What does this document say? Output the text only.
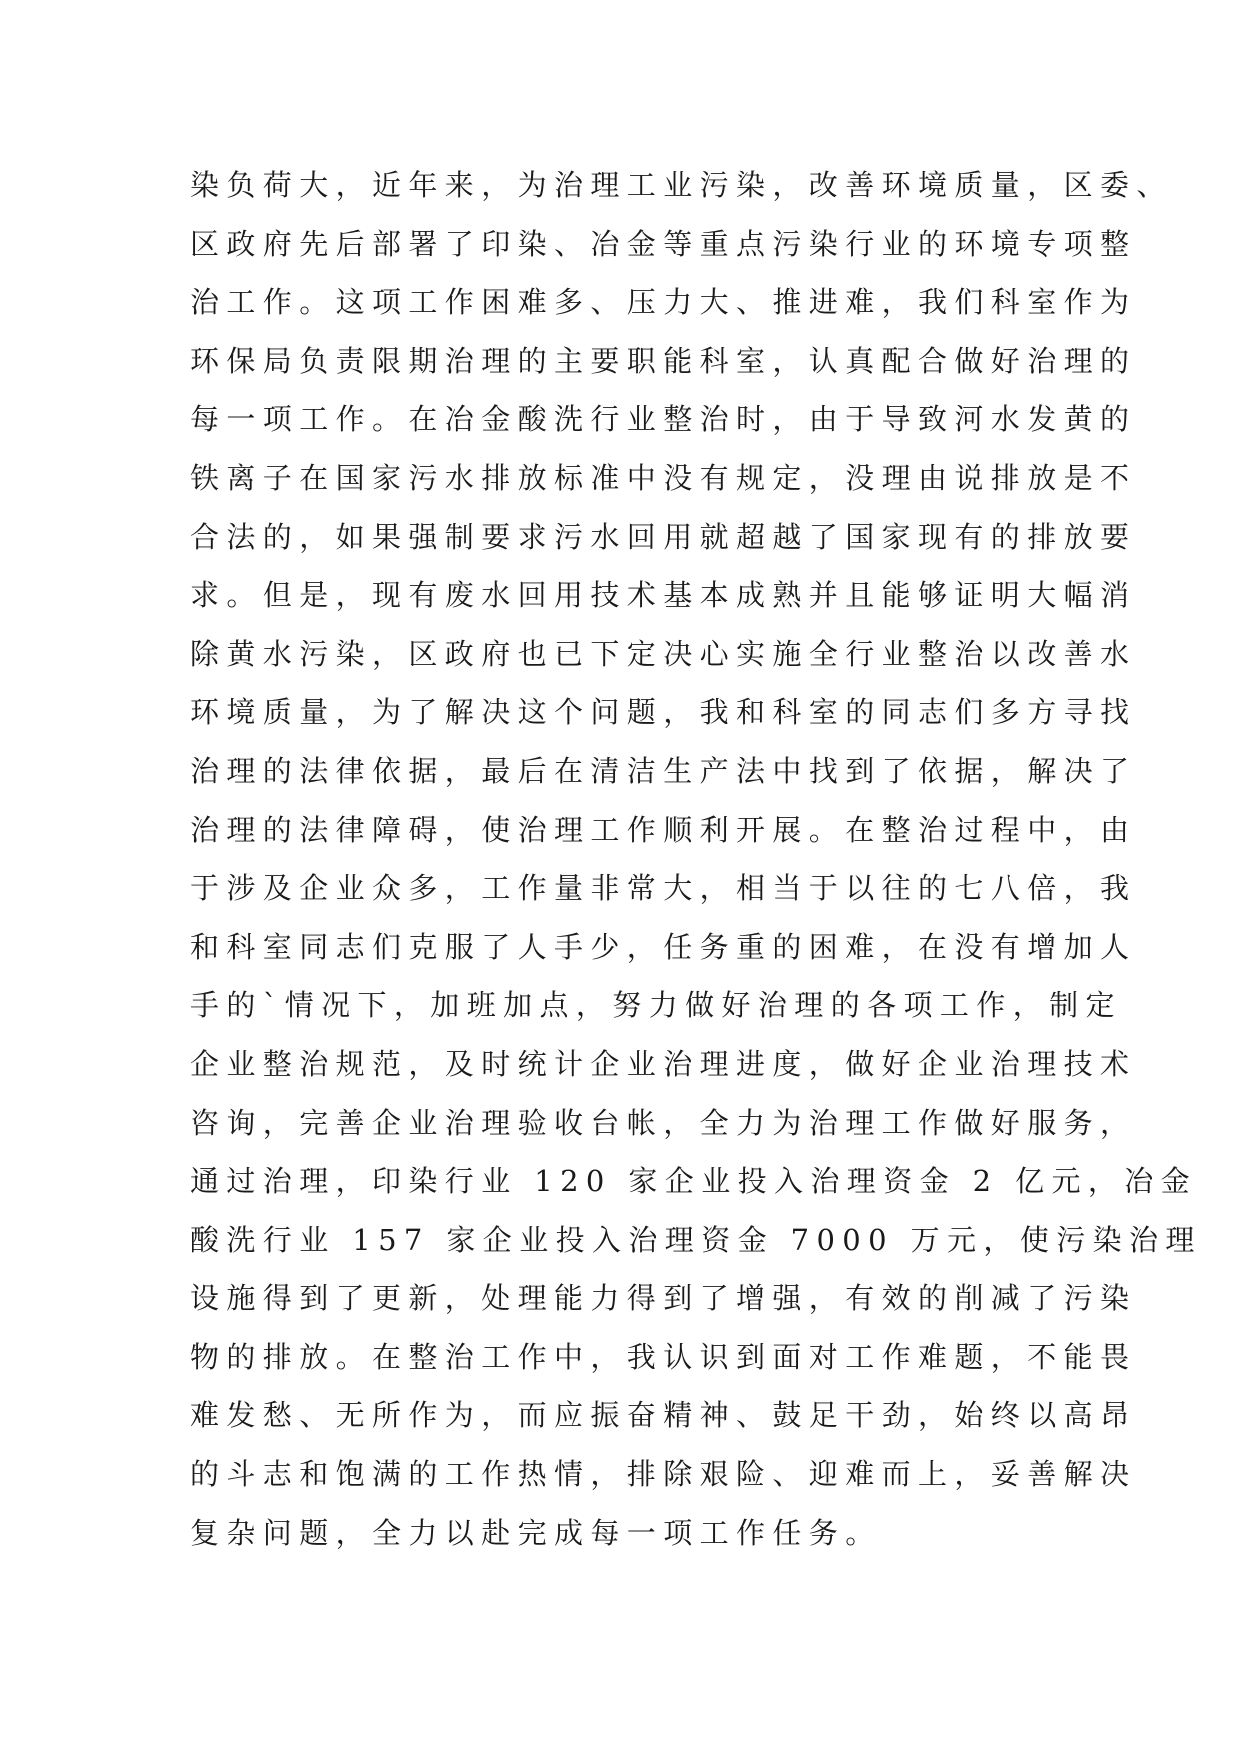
染负荷大，近年来，为治理工业污染，改善环境质量，区委、
区政府先后部署了印染、冶金等重点污染行业的环境专项整
治工作。这项工作困难多、压力大、推进难，我们科室作为
环保局负责限期治理的主要职能科室，认真配合做好治理的
每一项工作。在冶金酸洗行业整治时，由于导致河水发黄的
铁离子在国家污水排放标准中没有规定，没理由说排放是不
合法的，如果强制要求污水回用就超越了国家现有的排放要
求。但是，现有废水回用技术基本成熟并且能够证明大幅消
除黄水污染，区政府也已下定决心实施全行业整治以改善水
环境质量，为了解决这个问题，我和科室的同志们多方寻找
治理的法律依据，最后在清洁生产法中找到了依据，解决了
治理的法律障碍，使治理工作顺利开展。在整治过程中，由
于涉及企业众多，工作量非常大，相当于以往的七八倍，我
和科室同志们克服了人手少，任务重的困难，在没有增加人
手的`情况下，加班加点，努力做好治理的各项工作，制定
企业整治规范，及时统计企业治理进度，做好企业治理技术
咨询，完善企业治理验收台帐，全力为治理工作做好服务，
通过治理，印染行业 120 家企业投入治理资金 2 亿元，冶金
酸洗行业 157 家企业投入治理资金 7000 万元，使污染治理
设施得到了更新，处理能力得到了增强，有效的削减了污染
物的排放。在整治工作中，我认识到面对工作难题，不能畏
难发愁、无所作为，而应振奋精神、鼓足干劲，始终以高昂
的斗志和饱满的工作热情，排除艰险、迎难而上，妥善解决
复杂问题，全力以赴完成每一项工作任务。
